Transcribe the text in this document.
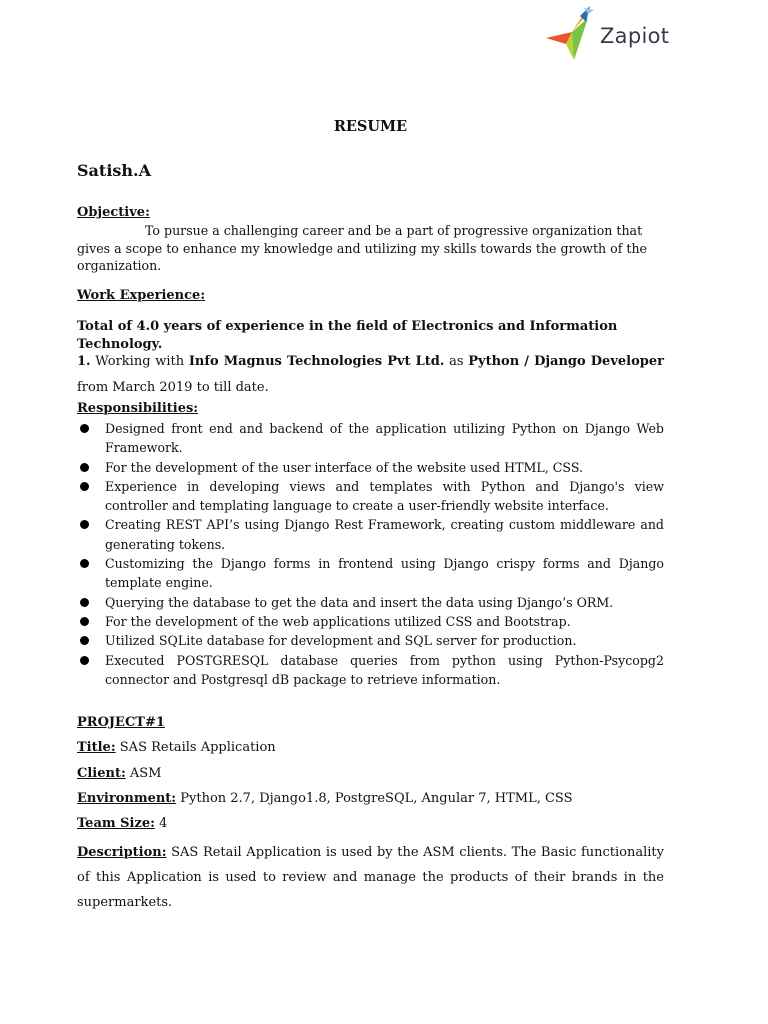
Zapiot
RESUME
Satish.A
Objective:
To pursue a challenging career and be a part of progressive organization that gives a scope to enhance my knowledge and utilizing my skills towards the growth of the organization.
Work Experience:
Total of 4.0 years of experience in the field of Electronics and Information Technology.
1. Working with Info Magnus Technologies Pvt Ltd. as Python / Django Developer from March 2019 to till date.
Responsibilities:
Designed front end and backend of the application utilizing Python on Django Web Framework.
For the development of the user interface of the website used HTML, CSS.
Experience in developing views and templates with Python and Django's view controller and templating language to create a user-friendly website interface.
Creating REST API’s using Django Rest Framework, creating custom middleware and generating tokens.
Customizing the Django forms in frontend using Django crispy forms and Django template engine.
Querying the database to get the data and insert the data using Django’s ORM.
For the development of the web applications utilized CSS and Bootstrap.
Utilized SQLite database for development and SQL server for production.
Executed POSTGRESQL database queries from python using Python-Psycopg2 connector and Postgresql dB package to retrieve information.
PROJECT#1
Title: SAS Retails Application
Client: ASM
Environment: Python 2.7, Django1.8, PostgreSQL, Angular 7, HTML, CSS
Team Size: 4
Description: SAS Retail Application is used by the ASM clients. The Basic functionality of this Application is used to review and manage the products of their brands in the supermarkets.
